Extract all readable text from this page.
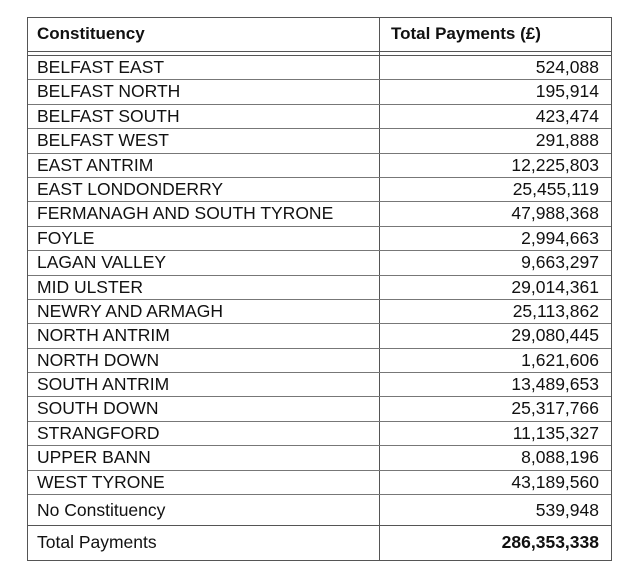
Constituency	Total Payments (£)
BELFAST EAST	524,088
BELFAST NORTH	195,914
BELFAST SOUTH	423,474
BELFAST WEST	291,888
EAST ANTRIM	12,225,803
EAST LONDONDERRY	25,455,119
FERMANAGH AND SOUTH TYRONE	47,988,368
FOYLE	2,994,663
LAGAN VALLEY	9,663,297
MID ULSTER	29,014,361
NEWRY AND ARMAGH	25,113,862
NORTH ANTRIM	29,080,445
NORTH DOWN	1,621,606
SOUTH ANTRIM	13,489,653
SOUTH DOWN	25,317,766
STRANGFORD	11,135,327
UPPER BANN	8,088,196
WEST TYRONE	43,189,560
No Constituency	539,948
Total Payments	286,353,338
